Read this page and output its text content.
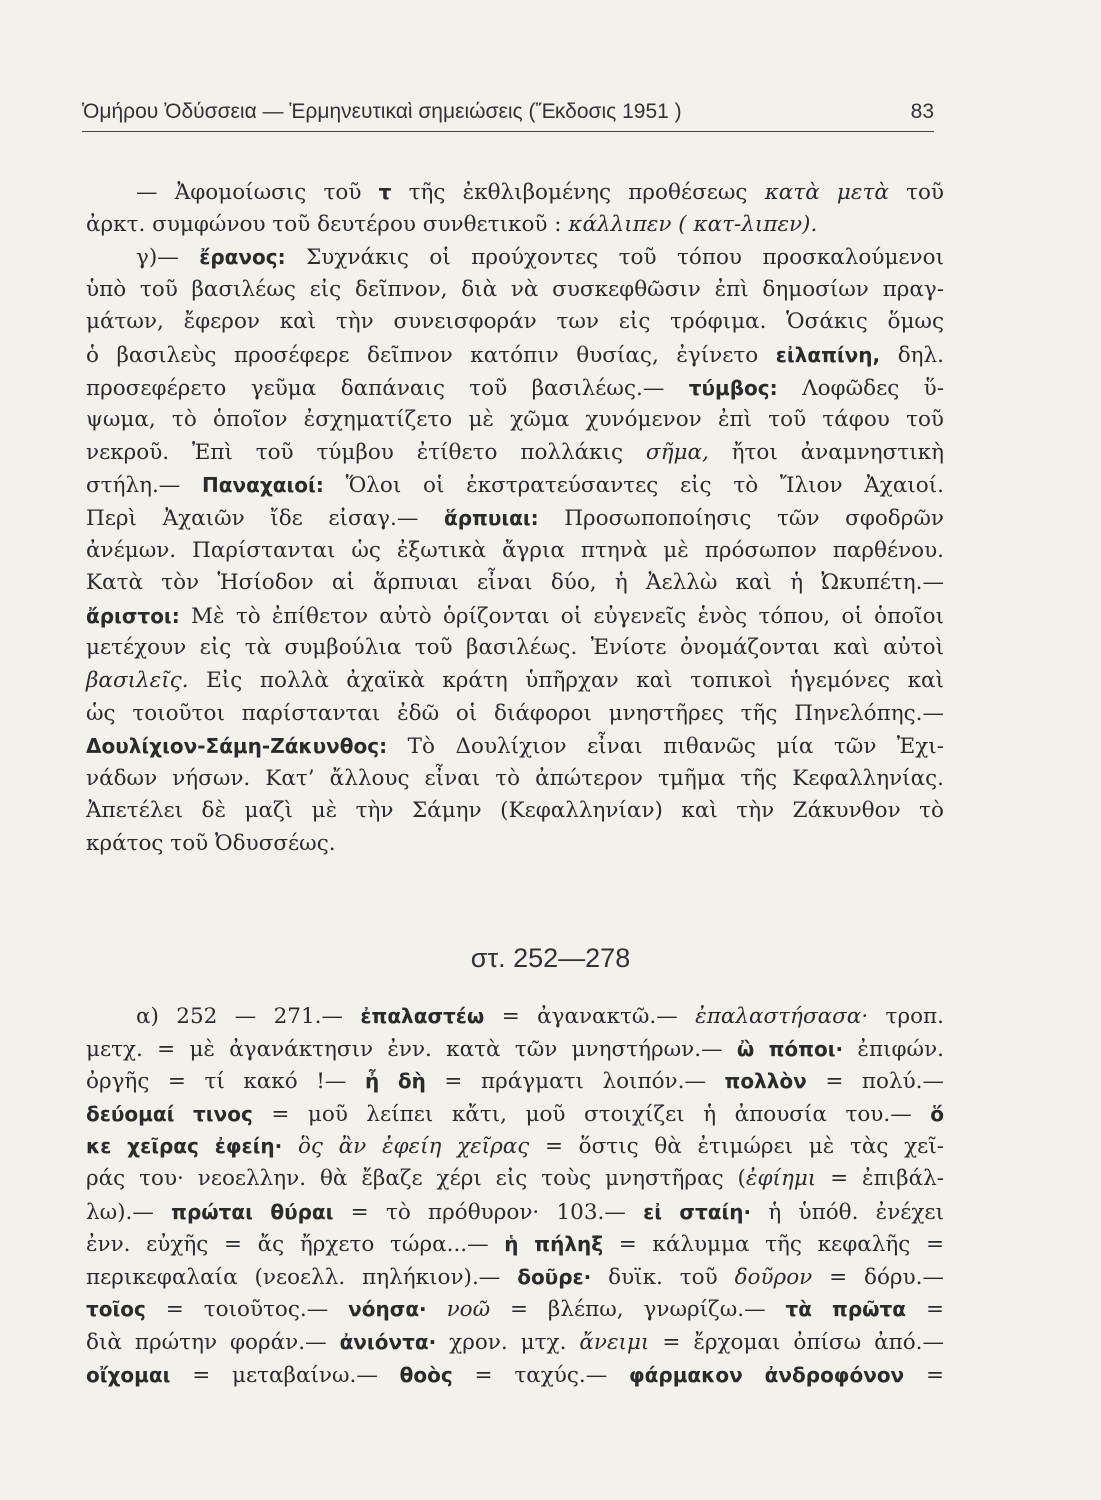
Ὁμήρου Ὀδύσσεια — Ἑρμηνευτικαὶ σημειώσεις (Ἔκδοσις 1951 )	83
— Ἀφομοίωσις τοῦ τ τῆς ἐκθλιβομένης προθέσεως κατὰ μετὰ τοῦ
ἀρκτ. συμφώνου τοῦ δευτέρου συνθετικοῦ : κάλλιπεν ( κατ-λιπεν).
γ)— ἔρανος: Συχνάκις οἱ προύχοντες τοῦ τόπου προσκαλούμενοι
ὑπὸ τοῦ βασιλέως εἰς δεῖπνον, διὰ νὰ συσκεφθῶσιν ἐπὶ δημοσίων πραγ-
μάτων, ἔφερον καὶ τὴν συνεισφοράν των εἰς τρόφιμα. Ὁσάκις ὅμως
ὁ βασιλεὺς προσέφερε δεῖπνον κατόπιν θυσίας, ἐγίνετο εἰλαπίνη, δηλ.
προσεφέρετο γεῦμα δαπάναις τοῦ βασιλέως.— τύμβος: Λοφῶδες ὕ-
ψωμα, τὸ ὁποῖον ἐσχηματίζετο μὲ χῶμα χυνόμενον ἐπὶ τοῦ τάφου τοῦ
νεκροῦ. Ἐπὶ τοῦ τύμβου ἐτίθετο πολλάκις σῆμα, ἤτοι ἀναμνηστικὴ
στήλη.— Παναχαιοί: Ὅλοι οἱ ἐκστρατεύσαντες εἰς τὸ Ἴλιον Ἀχαιοί.
Περὶ Ἀχαιῶν ἴδε εἰσαγ.— ἅρπυιαι: Προσωποποίησις τῶν σφοδρῶν
ἀνέμων. Παρίστανται ὡς ἐξωτικὰ ἄγρια πτηνὰ μὲ πρόσωπον παρθένου.
Κατὰ τὸν Ἡσίοδον αἱ ἅρπυιαι εἶναι δύο, ἡ Ἀελλὼ καὶ ἡ Ὠκυπέτη.—
ἄριστοι: Μὲ τὸ ἐπίθετον αὐτὸ ὁρίζονται οἱ εὐγενεῖς ἑνὸς τόπου, οἱ ὁποῖοι
μετέχουν εἰς τὰ συμβούλια τοῦ βασιλέως. Ἐνίοτε ὀνομάζονται καὶ αὐτοὶ
βασιλεῖς. Εἰς πολλὰ ἀχαϊκὰ κράτη ὑπῆρχαν καὶ τοπικοὶ ἡγεμόνες καὶ
ὡς τοιοῦτοι παρίστανται ἐδῶ οἱ διάφοροι μνηστῆρες τῆς Πηνελόπης.—
Δουλίχιον-Σάμη-Ζάκυνθος: Τὸ Δουλίχιον εἶναι πιθανῶς μία τῶν Ἐχι-
νάδων νήσων. Κατ’ ἄλλους εἶναι τὸ ἀπώτερον τμῆμα τῆς Κεφαλληνίας.
Ἀπετέλει δὲ μαζὶ μὲ τὴν Σάμην (Κεφαλληνίαν) καὶ τὴν Ζάκυνθον τὸ
κράτος τοῦ Ὀδυσσέως.
στ. 252—278
α) 252 — 271.— ἐπαλαστέω = ἀγανακτῶ.— ἐπαλαστήσασα· τροπ.
μετχ. = μὲ ἀγανάκτησιν ἐνν. κατὰ τῶν μνηστήρων.— ὢ πόποι· ἐπιφών.
ὀργῆς = τί κακό !— ἦ δὴ = πράγματι λοιπόν.— πολλὸν = πολύ.—
δεύομαί τινος = μοῦ λείπει κἄτι, μοῦ στοιχίζει ἡ ἀπουσία του.— ὅ
κε χεῖρας ἐφείη· ὃς ἂν ἐφείη χεῖρας = ὅστις θὰ ἐτιμώρει μὲ τὰς χεῖ-
ράς του· νεοελλην. θὰ ἔβαζε χέρι εἰς τοὺς μνηστῆρας (ἐφίημι = ἐπιβάλ-
λω).— πρώται θύραι = τὸ πρόθυρον· 103.— εἰ σταίη· ἡ ὑπόθ. ἐνέχει
ἐνν. εὐχῆς = ἄς ἤρχετο τώρα...— ἡ πήληξ = κάλυμμα τῆς κεφαλῆς =
περικεφαλαία (νεοελλ. πηλήκιον).— δοῦρε· δυϊκ. τοῦ δοῦρον = δόρυ.—
τοῖος = τοιοῦτος.— νόησα· νοῶ = βλέπω, γνωρίζω.— τὰ πρῶτα =
διὰ πρώτην φοράν.— ἀνιόντα· χρον. μτχ. ἄνειμι = ἔρχομαι ὀπίσω ἀπό.—
οἴχομαι = μεταβαίνω.— θοὸς = ταχύς.— φάρμακον ἀνδροφόνον =
